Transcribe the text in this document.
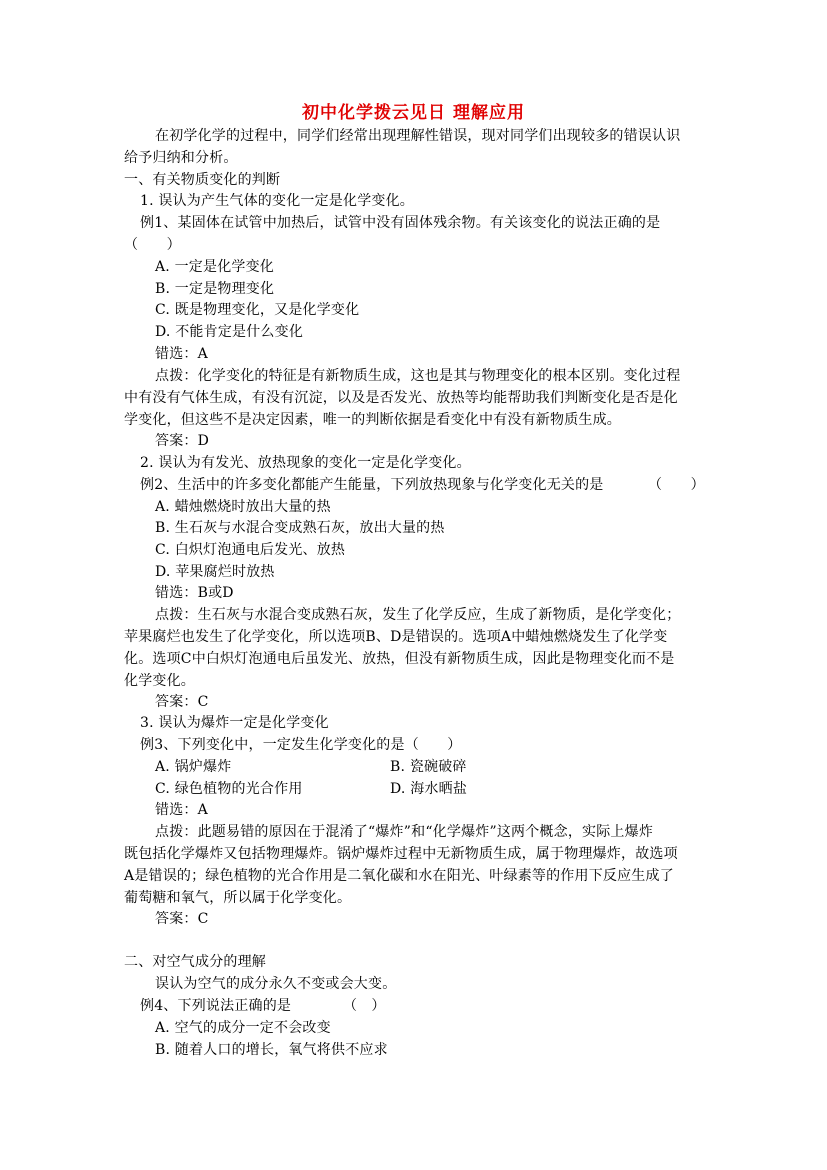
初中化学拨云见日 理解应用
在初学化学的过程中，同学们经常出现理解性错误，现对同学们出现较多的错误认识
给予归纳和分析。
一、有关物质变化的判断
1. 误认为产生气体的变化一定是化学变化。
例1、某固体在试管中加热后，试管中没有固体残余物。有关该变化的说法正确的是
（　　）
A. 一定是化学变化
B. 一定是物理变化
C. 既是物理变化，又是化学变化
D. 不能肯定是什么变化
错选：A
点拨：化学变化的特征是有新物质生成，这也是其与物理变化的根本区别。变化过程
中有没有气体生成，有没有沉淀，以及是否发光、放热等均能帮助我们判断变化是否是化
学变化，但这些不是决定因素，唯一的判断依据是看变化中有没有新物质生成。
答案：D
2. 误认为有发光、放热现象的变化一定是化学变化。
例2、生活中的许多变化都能产生能量，下列放热现象与化学变化无关的是	（　　）
A. 蜡烛燃烧时放出大量的热
B. 生石灰与水混合变成熟石灰，放出大量的热
C. 白炽灯泡通电后发光、放热
D. 苹果腐烂时放热
错选：B或D
点拨：生石灰与水混合变成熟石灰，发生了化学反应，生成了新物质，是化学变化；
苹果腐烂也发生了化学变化，所以选项B、D是错误的。选项A中蜡烛燃烧发生了化学变
化。选项C中白炽灯泡通电后虽发光、放热，但没有新物质生成，因此是物理变化而不是
化学变化。
答案：C
3. 误认为爆炸一定是化学变化
例3、下列变化中，一定发生化学变化的是（　　）
A. 锅炉爆炸	B. 瓷碗破碎
C. 绿色植物的光合作用	D. 海水晒盐
错选：A
点拨：此题易错的原因在于混淆了“爆炸”和“化学爆炸”这两个概念，实际上爆炸
既包括化学爆炸又包括物理爆炸。锅炉爆炸过程中无新物质生成，属于物理爆炸，故选项
A是错误的；绿色植物的光合作用是二氧化碳和水在阳光、叶绿素等的作用下反应生成了
葡萄糖和氧气，所以属于化学变化。
答案：C
二、对空气成分的理解
误认为空气的成分永久不变或会大变。
例4、下列说法正确的是	（　）
A. 空气的成分一定不会改变
B. 随着人口的增长，氧气将供不应求
